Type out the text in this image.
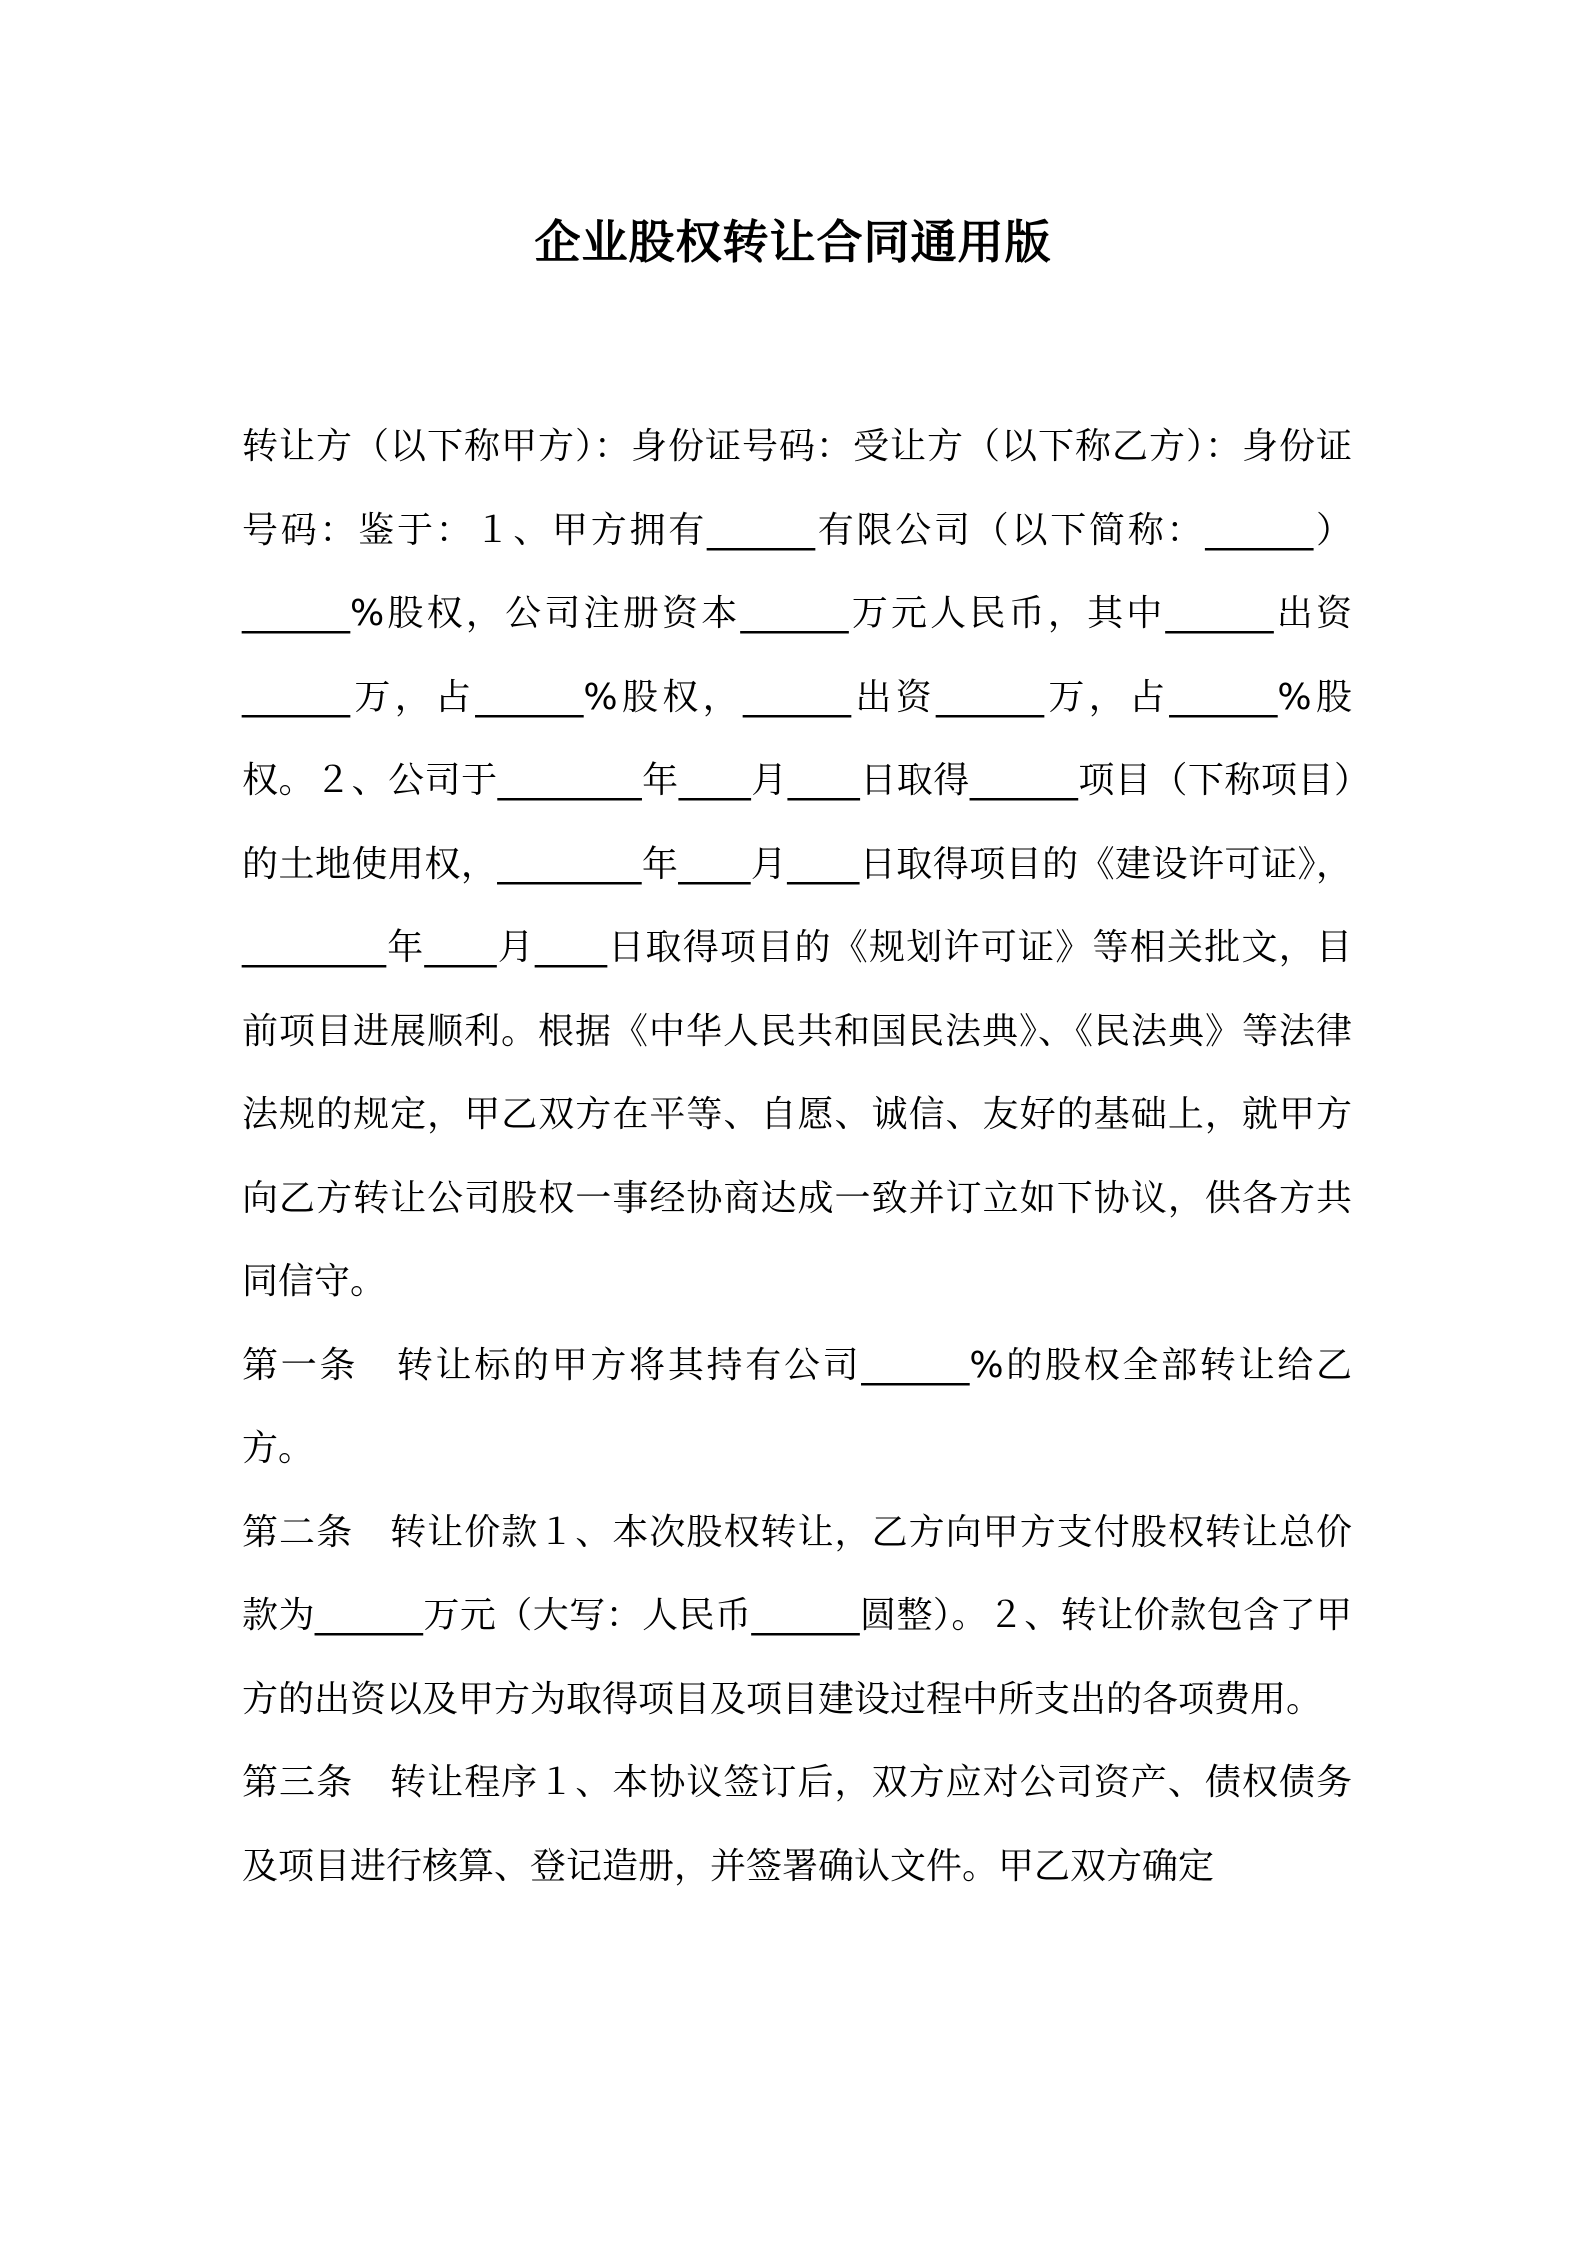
企业股权转让合同通用版

转让方（以下称甲方）：身份证号码：受让方（以下称乙方）：身份证号码：鉴于：１、甲方拥有______有限公司（以下简称：______）______%股权，公司注册资本______万元人民币，其中______出资______万，占______%股权，______出资______万，占______%股权。２、公司于________年____月____日取得______项目（下称项目）的土地使用权，________年____月____日取得项目的《建设许可证》，________年____月____日取得项目的《规划许可证》等相关批文，目前项目进展顺利。根据《中华人民共和国民法典》、《民法典》等法律法规的规定，甲乙双方在平等、自愿、诚信、友好的基础上，就甲方向乙方转让公司股权一事经协商达成一致并订立如下协议，供各方共同信守。

第一条　转让标的甲方将其持有公司______%的股权全部转让给乙方。

第二条　转让价款１、本次股权转让，乙方向甲方支付股权转让总价款为______万元（大写：人民币______圆整）。２、转让价款包含了甲方的出资以及甲方为取得项目及项目建设过程中所支出的各项费用。

第三条　转让程序１、本协议签订后，双方应对公司资产、债权债务及项目进行核算、登记造册，并签署确认文件。甲乙双方确定
